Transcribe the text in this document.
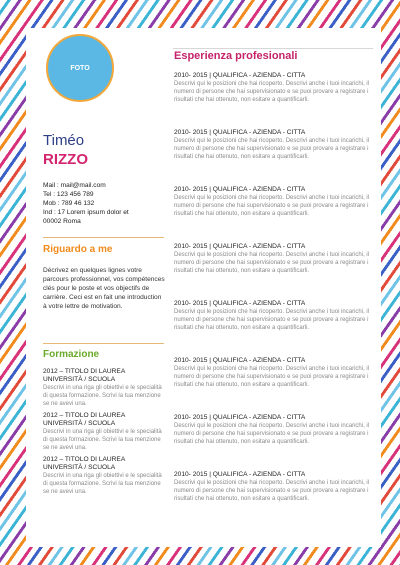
FOTO
Timéo
RIZZO
Mail : mail@mail.com
Tel : 123 456 789
Mob : 789 46 132
Ind : 17 Lorem ipsum dolor et
00002 Roma
Riguardo a me
Décrivez en quelques lignes votre parcours professionnel, vos compétences clés pour le poste et vos objectifs de carrière. Ceci est en fait une introduction à votre lettre de motivation.
Formazione
2012 – TITOLO DI LAUREA UNIVERSITÀ / SCUOLA
Descrivi in una riga gli obiettivi e le specialità di questa formazione. Scrivi la tua menzione se ne avevi una.
2012 – TITOLO DI LAUREA UNIVERSITÀ / SCUOLA
Descrivi in una riga gli obiettivi e le specialità di questa formazione. Scrivi la tua menzione se ne avevi una.
2012 – TITOLO DI LAUREA UNIVERSITÀ / SCUOLA
Descrivi in una riga gli obiettivi e le specialità di questa formazione. Scrivi la tua menzione se ne avevi una.
Esperienza profesionali
2010- 2015 | QUALIFICA - AZIENDA - CITTA
Descrivi qui le posizioni che hai ricoperto. Descrivi anche i tuoi incarichi, il numero di persone che hai supervisionato e se puoi provare a registrare i risultati che hai ottenuto, non esitare a quantificarli.
2010- 2015 | QUALIFICA - AZIENDA - CITTA
Descrivi qui le posizioni che hai ricoperto. Descrivi anche i tuoi incarichi, il numero di persone che hai supervisionato e se puoi provare a registrare i risultati che hai ottenuto, non esitare a quantificarli.
2010- 2015 | QUALIFICA - AZIENDA - CITTA
Descrivi qui le posizioni che hai ricoperto. Descrivi anche i tuoi incarichi, il numero di persone che hai supervisionato e se puoi provare a registrare i risultati che hai ottenuto, non esitare a quantificarli.
2010- 2015 | QUALIFICA - AZIENDA - CITTA
Descrivi qui le posizioni che hai ricoperto. Descrivi anche i tuoi incarichi, il numero di persone che hai supervisionato e se puoi provare a registrare i risultati che hai ottenuto, non esitare a quantificarli.
2010- 2015 | QUALIFICA - AZIENDA - CITTA
Descrivi qui le posizioni che hai ricoperto. Descrivi anche i tuoi incarichi, il numero di persone che hai supervisionato e se puoi provare a registrare i risultati che hai ottenuto, non esitare a quantificarli.
2010- 2015 | QUALIFICA - AZIENDA - CITTA
Descrivi qui le posizioni che hai ricoperto. Descrivi anche i tuoi incarichi, il numero di persone che hai supervisionato e se puoi provare a registrare i risultati che hai ottenuto, non esitare a quantificarli.
2010- 2015 | QUALIFICA - AZIENDA - CITTA
Descrivi qui le posizioni che hai ricoperto. Descrivi anche i tuoi incarichi, il numero di persone che hai supervisionato e se puoi provare a registrare i risultati che hai ottenuto, non esitare a quantificarli.
2010- 2015 | QUALIFICA - AZIENDA - CITTA
Descrivi qui le posizioni che hai ricoperto. Descrivi anche i tuoi incarichi, il numero di persone che hai supervisionato e se puoi provare a registrare i risultati che hai ottenuto, non esitare a quantificarli.
